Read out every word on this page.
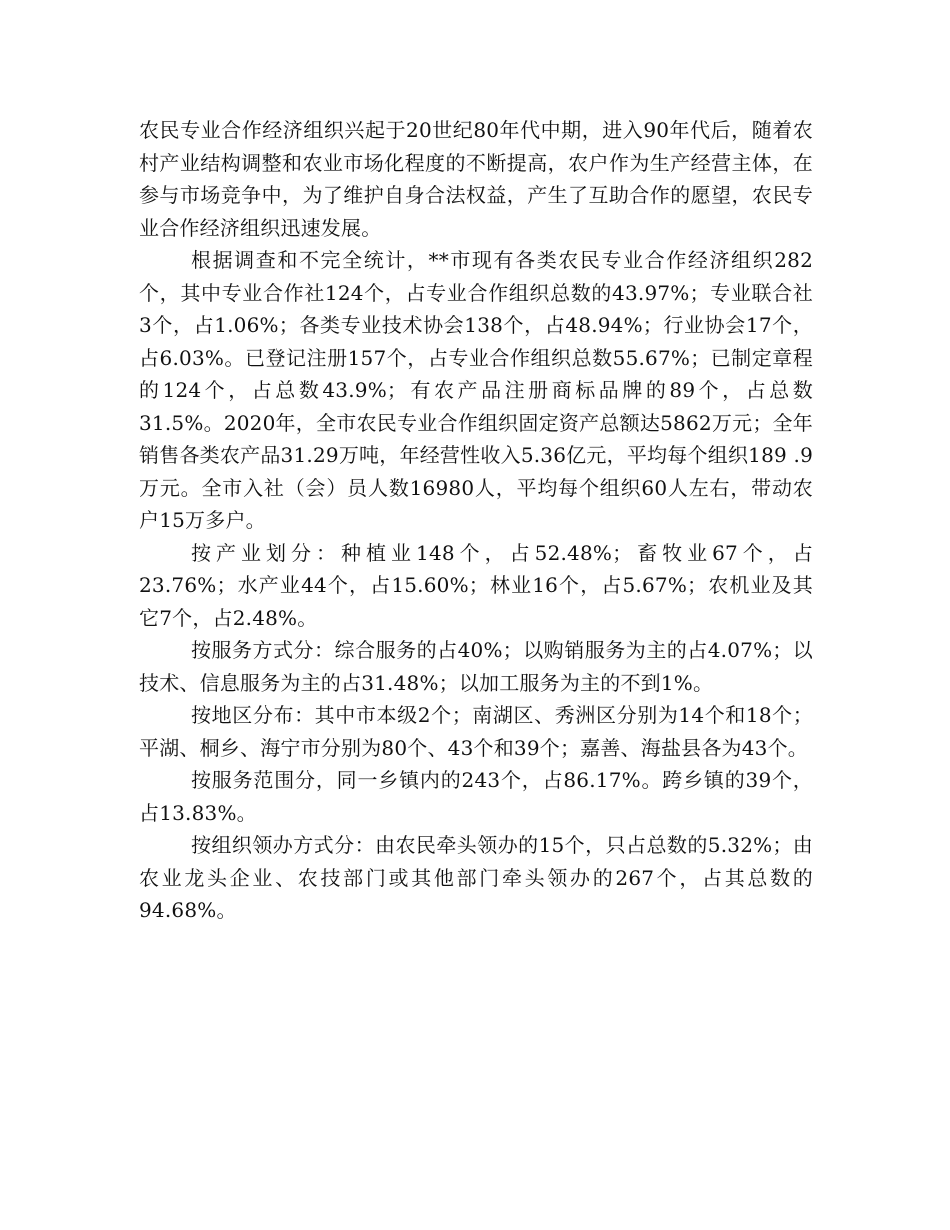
农民专业合作经济组织兴起于20世纪80年代中期，进入90年代后，随着农村产业结构调整和农业市场化程度的不断提高，农户作为生产经营主体，在参与市场竞争中，为了维护自身合法权益，产生了互助合作的愿望，农民专业合作经济组织迅速发展。

根据调查和不完全统计，**市现有各类农民专业合作经济组织282个，其中专业合作社124个，占专业合作组织总数的43.97%；专业联合社3个，占1.06%；各类专业技术协会138个，占48.94%；行业协会17个，占6.03%。已登记注册157个，占专业合作组织总数55.67%；已制定章程的124个，占总数43.9%；有农产品注册商标品牌的89个，占总数31.5%。2020年，全市农民专业合作组织固定资产总额达5862万元；全年销售各类农产品31.29万吨，年经营性收入5.36亿元，平均每个组织189 .9万元。全市入社（会）员人数16980人，平均每个组织60人左右，带动农户15万多户。

按产业划分：种植业148个，占52.48%；畜牧业67个，占23.76%；水产业44个，占15.60%；林业16个，占5.67%；农机业及其它7个，占2.48%。

按服务方式分：综合服务的占40%；以购销服务为主的占4.07%；以技术、信息服务为主的占31.48%；以加工服务为主的不到1%。

按地区分布：其中市本级2个；南湖区、秀洲区分别为14个和18个；平湖、桐乡、海宁市分别为80个、43个和39个；嘉善、海盐县各为43个。

按服务范围分，同一乡镇内的243个，占86.17%。跨乡镇的39个，占13.83%。

按组织领办方式分：由农民牵头领办的15个，只占总数的5.32%；由农业龙头企业、农技部门或其他部门牵头领办的267个，占其总数的94.68%。
